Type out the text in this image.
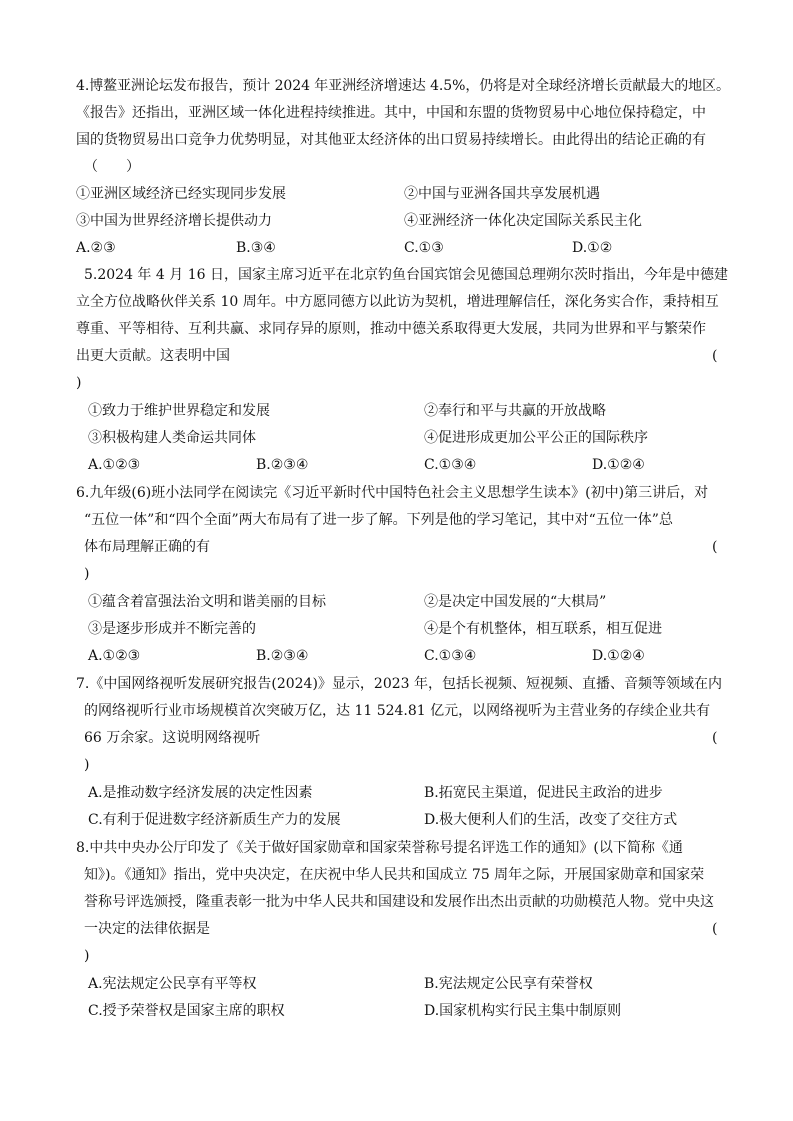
4.博鳌亚洲论坛发布报告，预计 2024 年亚洲经济增速达 4.5%，仍将是对全球经济增长贡献最大的地区。
《报告》还指出，亚洲区域一体化进程持续推进。其中，中国和东盟的货物贸易中心地位保持稳定，中
国的货物贸易出口竞争力优势明显，对其他亚太经济体的出口贸易持续增长。由此得出的结论正确的有
（　　）
①亚洲区域经济已经实现同步发展	②中国与亚洲各国共享发展机遇
③中国为世界经济增长提供动力	④亚洲经济一体化决定国际关系民主化
A.②③	B.③④	C.①③	D.①②
5.2024 年 4 月 16 日，国家主席习近平在北京钓鱼台国宾馆会见德国总理朔尔茨时指出，今年是中德建
立全方位战略伙伴关系 10 周年。中方愿同德方以此访为契机，增进理解信任，深化务实合作，秉持相互
尊重、平等相待、互利共赢、求同存异的原则，推动中德关系取得更大发展，共同为世界和平与繁荣作
出更大贡献。这表明中国	(
)
①致力于维护世界稳定和发展	②奉行和平与共赢的开放战略
③积极构建人类命运共同体	④促进形成更加公平公正的国际秩序
A.①②③	B.②③④	C.①③④	D.①②④
6.九年级(6)班小法同学在阅读完《习近平新时代中国特色社会主义思想学生读本》(初中)第三讲后，对
“五位一体”和“四个全面”两大布局有了进一步了解。下列是他的学习笔记，其中对“五位一体”总
体布局理解正确的有	(
)
①蕴含着富强法治文明和谐美丽的目标	②是决定中国发展的“大棋局”
③是逐步形成并不断完善的	④是个有机整体，相互联系，相互促进
A.①②③	B.②③④	C.①③④	D.①②④
7.《中国网络视听发展研究报告(2024)》显示，2023 年，包括长视频、短视频、直播、音频等领域在内
的网络视听行业市场规模首次突破万亿，达 11 524.81 亿元，以网络视听为主营业务的存续企业共有
66 万余家。这说明网络视听	(
)
A.是推动数字经济发展的决定性因素	B.拓宽民主渠道，促进民主政治的进步
C.有利于促进数字经济新质生产力的发展	D.极大便利人们的生活，改变了交往方式
8.中共中央办公厅印发了《关于做好国家勋章和国家荣誉称号提名评选工作的通知》(以下简称《通
知》)。《通知》指出，党中央决定，在庆祝中华人民共和国成立 75 周年之际，开展国家勋章和国家荣
誉称号评选颁授，隆重表彰一批为中华人民共和国建设和发展作出杰出贡献的功勋模范人物。党中央这
一决定的法律依据是	(
)
A.宪法规定公民享有平等权	B.宪法规定公民享有荣誉权
C.授予荣誉权是国家主席的职权	D.国家机构实行民主集中制原则
